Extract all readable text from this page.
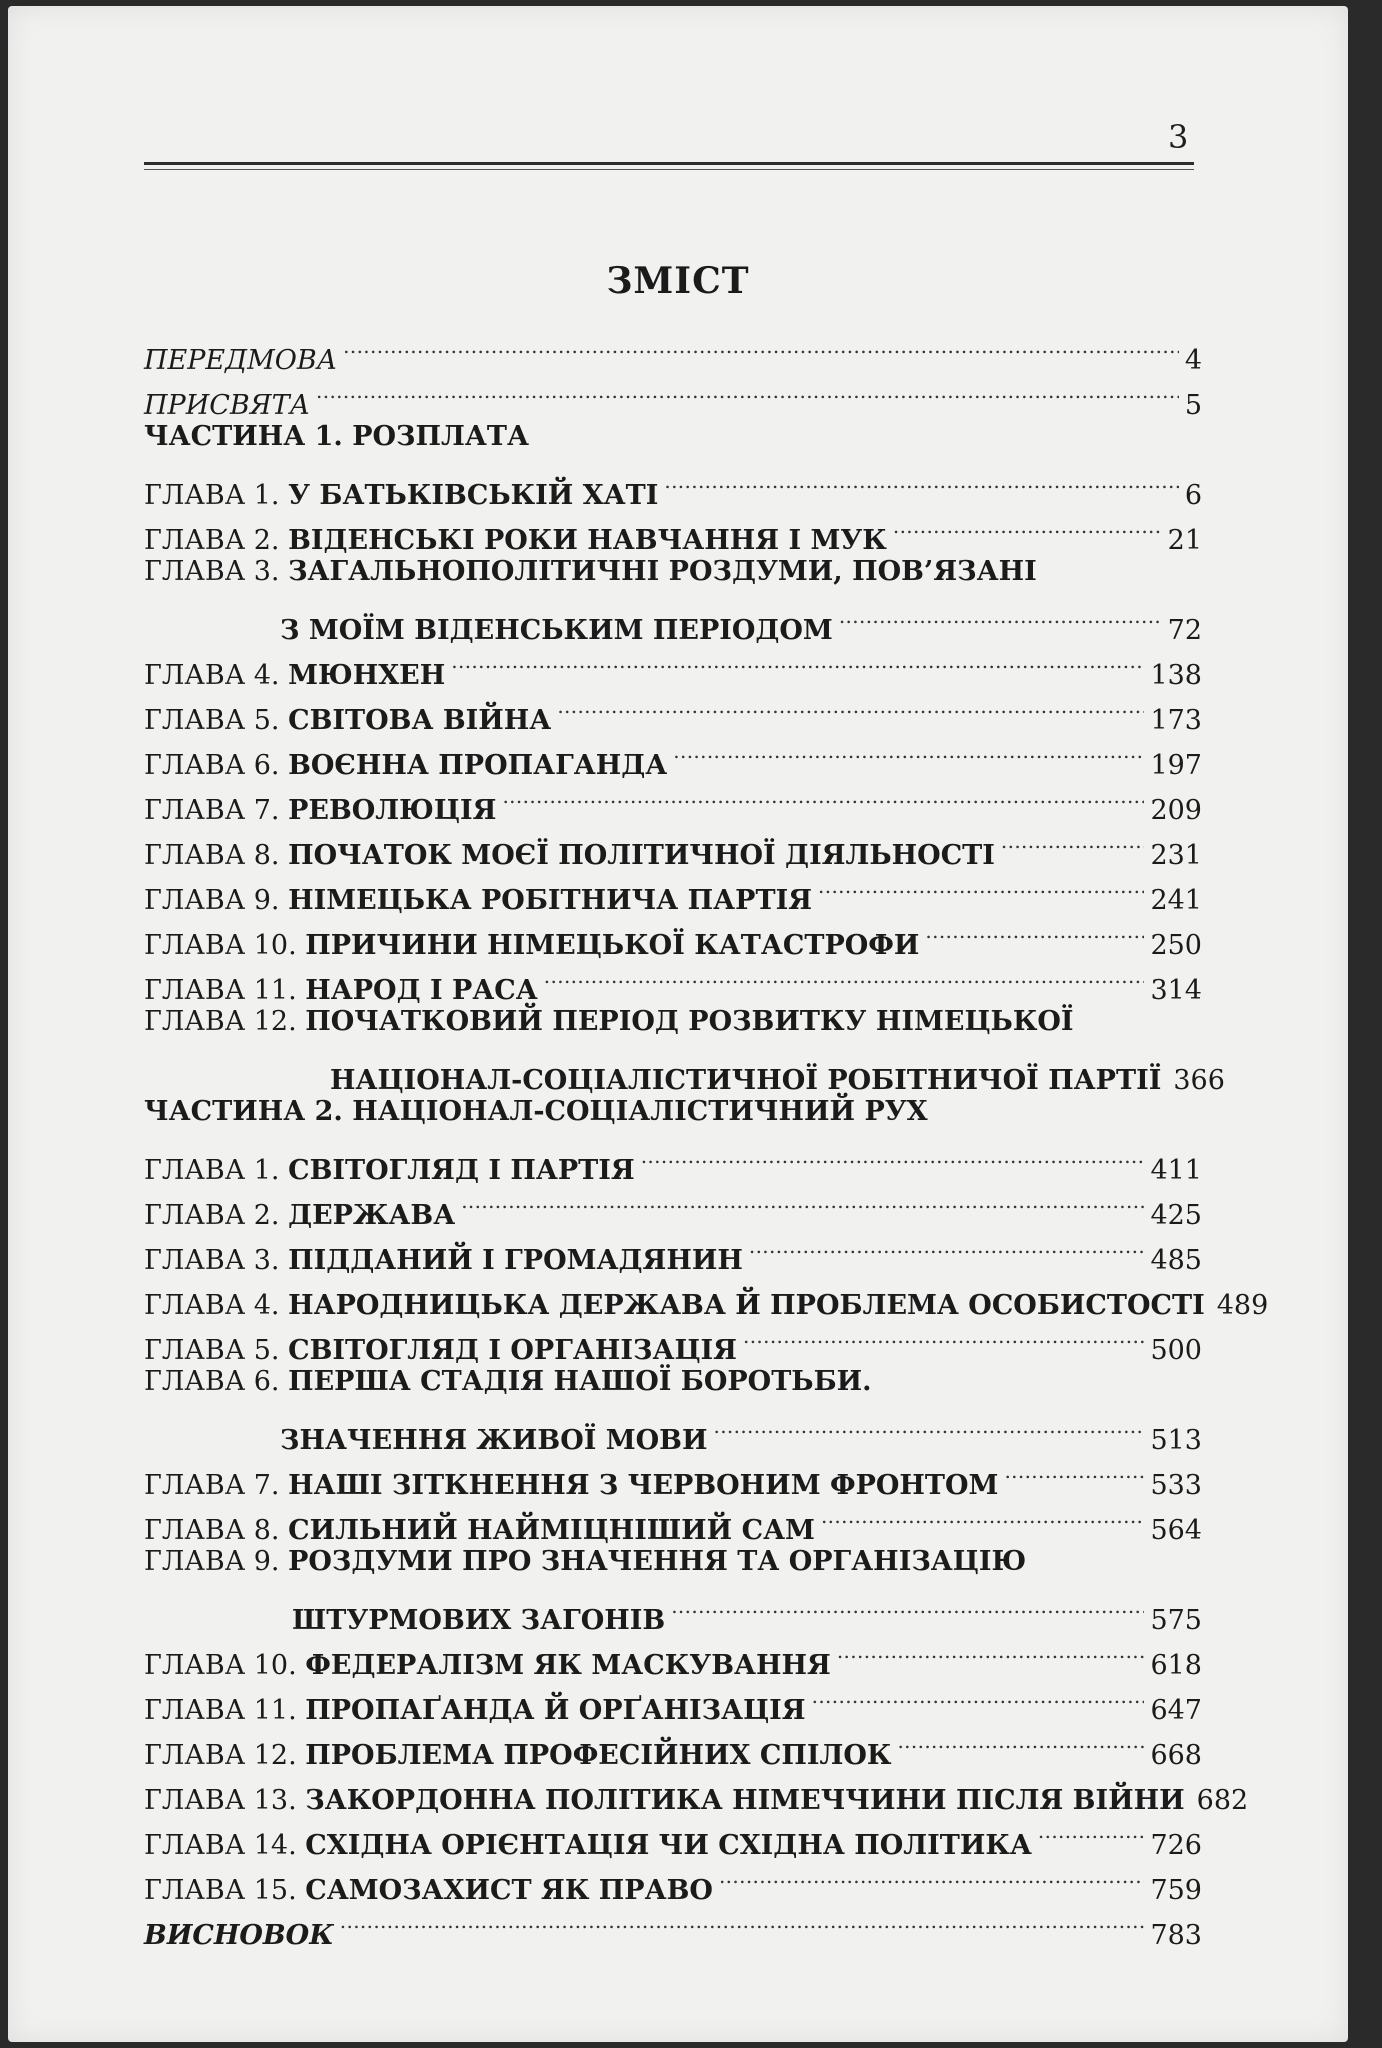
3
ЗМІСТ
ПЕРЕДМОВА . . .	4
ПРИСВЯТА . . .	5
ЧАСТИНА 1. РОЗПЛАТА
ГЛАВА 1. У БАТЬКІВСЬКІЙ ХАТІ . . .	6
ГЛАВА 2. ВІДЕНСЬКІ РОКИ НАВЧАННЯ І МУК . . .	21
ГЛАВА 3. ЗАГАЛЬНОПОЛІТИЧНІ РОЗДУМИ, ПОВ’ЯЗАНІ
З МОЇМ ВІДЕНСЬКИМ ПЕРІОДОМ . . .	72
ГЛАВА 4. МЮНХЕН . . .	138
ГЛАВА 5. СВІТОВА ВІЙНА . . .	173
ГЛАВА 6. ВОЄННА ПРОПАГАНДА . . .	197
ГЛАВА 7. РЕВОЛЮЦІЯ . . .	209
ГЛАВА 8. ПОЧАТОК МОЄЇ ПОЛІТИЧНОЇ ДІЯЛЬНОСТІ . . .	231
ГЛАВА 9. НІМЕЦЬКА РОБІТНИЧА ПАРТІЯ . . .	241
ГЛАВА 10. ПРИЧИНИ НІМЕЦЬКОЇ КАТАСТРОФИ . . .	250
ГЛАВА 11. НАРОД І РАСА . . .	314
ГЛАВА 12. ПОЧАТКОВИЙ ПЕРІОД РОЗВИТКУ НІМЕЦЬКОЇ
НАЦІОНАЛ-СОЦІАЛІСТИЧНОЇ РОБІТНИЧОЇ ПАРТІЇ 366
ЧАСТИНА 2. НАЦІОНАЛ-СОЦІАЛІСТИЧНИЙ РУХ
ГЛАВА 1. СВІТОГЛЯД І ПАРТІЯ . . .	411
ГЛАВА 2. ДЕРЖАВА . . .	425
ГЛАВА 3. ПІДДАНИЙ І ГРОМАДЯНИН . . .	485
ГЛАВА 4. НАРОДНИЦЬКА ДЕРЖАВА Й ПРОБЛЕМА ОСОБИСТОСТІ 489
ГЛАВА 5. СВІТОГЛЯД І ОРГАНІЗАЦІЯ . . .	500
ГЛАВА 6. ПЕРША СТАДІЯ НАШОЇ БОРОТЬБИ.
ЗНАЧЕННЯ ЖИВОЇ МОВИ . . .	513
ГЛАВА 7. НАШІ ЗІТКНЕННЯ З ЧЕРВОНИМ ФРОНТОМ . . .	533
ГЛАВА 8. СИЛЬНИЙ НАЙМІЦНІШИЙ САМ . . .	564
ГЛАВА 9. РОЗДУМИ ПРО ЗНАЧЕННЯ ТА ОРГАНІЗАЦІЮ
ШТУРМОВИХ ЗАГОНІВ . . .	575
ГЛАВА 10. ФЕДЕРАЛІЗМ ЯК МАСКУВАННЯ . . .	618
ГЛАВА 11. ПРОПАҐАНДА Й ОРҐАНІЗАЦІЯ . . .	647
ГЛАВА 12. ПРОБЛЕМА ПРОФЕСІЙНИХ СПІЛОК . . .	668
ГЛАВА 13. ЗАКОРДОННА ПОЛІТИКА НІМЕЧЧИНИ ПІСЛЯ ВІЙНИ 682
ГЛАВА 14. СХІДНА ОРІЄНТАЦІЯ ЧИ СХІДНА ПОЛІТИКА . . .	726
ГЛАВА 15. САМОЗАХИСТ ЯК ПРАВО . . .	759
ВИСНОВОК . . .	783
